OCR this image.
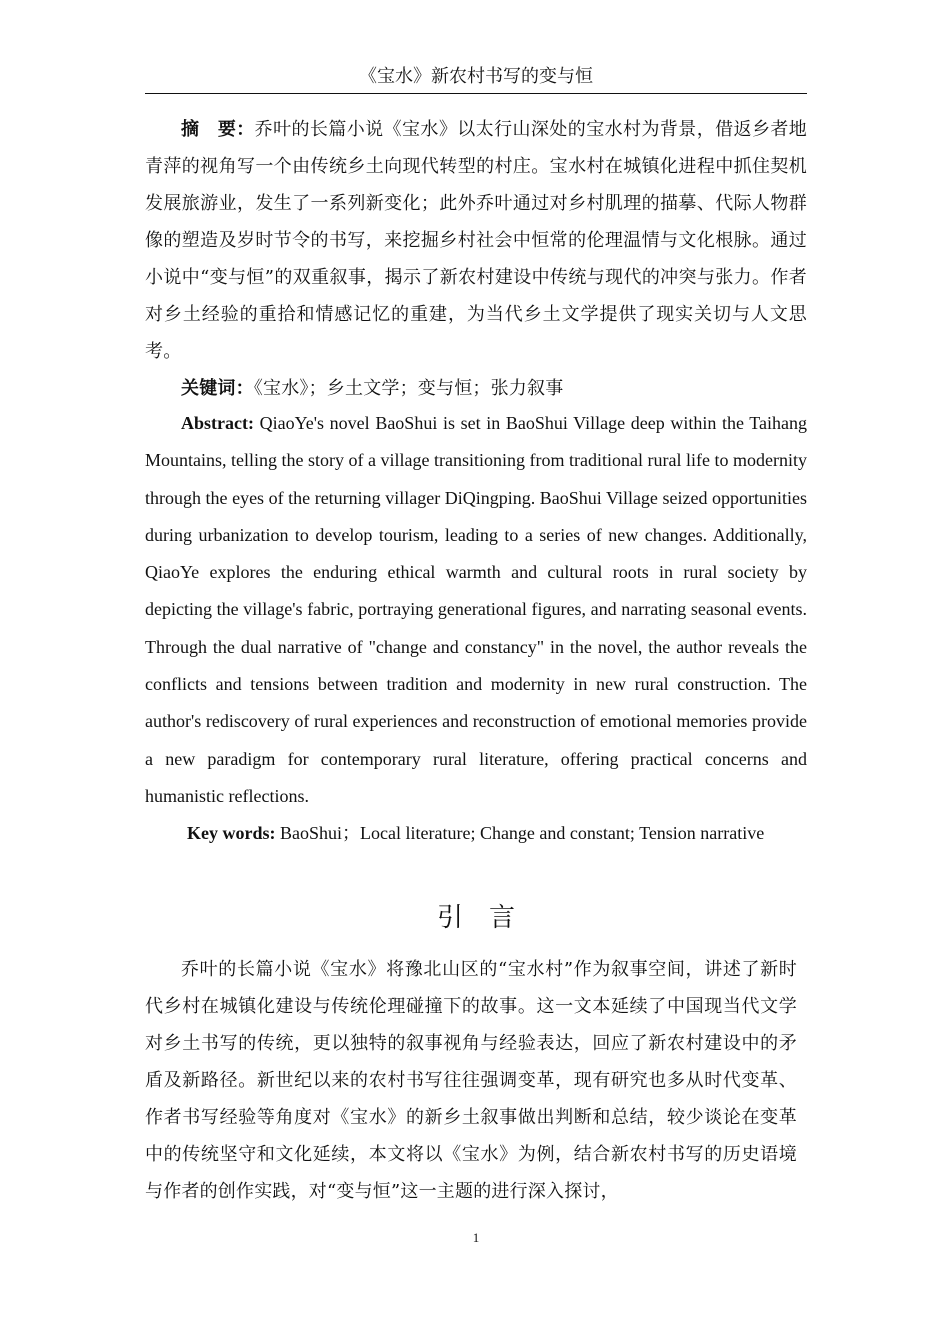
《宝水》新农村书写的变与恒

摘　要：乔叶的长篇小说《宝水》以太行山深处的宝水村为背景，借返乡者地青萍的视角写一个由传统乡土向现代转型的村庄。宝水村在城镇化进程中抓住契机发展旅游业，发生了一系列新变化；此外乔叶通过对乡村肌理的描摹、代际人物群像的塑造及岁时节令的书写，来挖掘乡村社会中恒常的伦理温情与文化根脉。通过小说中“变与恒”的双重叙事，揭示了新农村建设中传统与现代的冲突与张力。作者对乡土经验的重拾和情感记忆的重建，为当代乡土文学提供了现实关切与人文思考。

关键词：《宝水》；乡土文学；变与恒；张力叙事

Abstract: QiaoYe's novel BaoShui is set in BaoShui Village deep within the Taihang Mountains, telling the story of a village transitioning from traditional rural life to modernity through the eyes of the returning villager DiQingping. BaoShui Village seized opportunities during urbanization to develop tourism, leading to a series of new changes. Additionally, QiaoYe explores the enduring ethical warmth and cultural roots in rural society by depicting the village's fabric, portraying generational figures, and narrating seasonal events. Through the dual narrative of "change and constancy" in the novel, the author reveals the conflicts and tensions between tradition and modernity in new rural construction. The author's rediscovery of rural experiences and reconstruction of emotional memories provide a new paradigm for contemporary rural literature, offering practical concerns and humanistic reflections.

Key words: BaoShui；Local literature; Change and constant; Tension narrative

引言

乔叶的长篇小说《宝水》将豫北山区的“宝水村”作为叙事空间，讲述了新时代乡村在城镇化建设与传统伦理碰撞下的故事。这一文本延续了中国现当代文学对乡土书写的传统，更以独特的叙事视角与经验表达，回应了新农村建设中的矛盾及新路径。新世纪以来的农村书写往往强调变革，现有研究也多从时代变革、作者书写经验等角度对《宝水》的新乡土叙事做出判断和总结，较少谈论在变革中的传统坚守和文化延续，本文将以《宝水》为例，结合新农村书写的历史语境与作者的创作实践，对“变与恒”这一主题的进行深入探讨，

1
